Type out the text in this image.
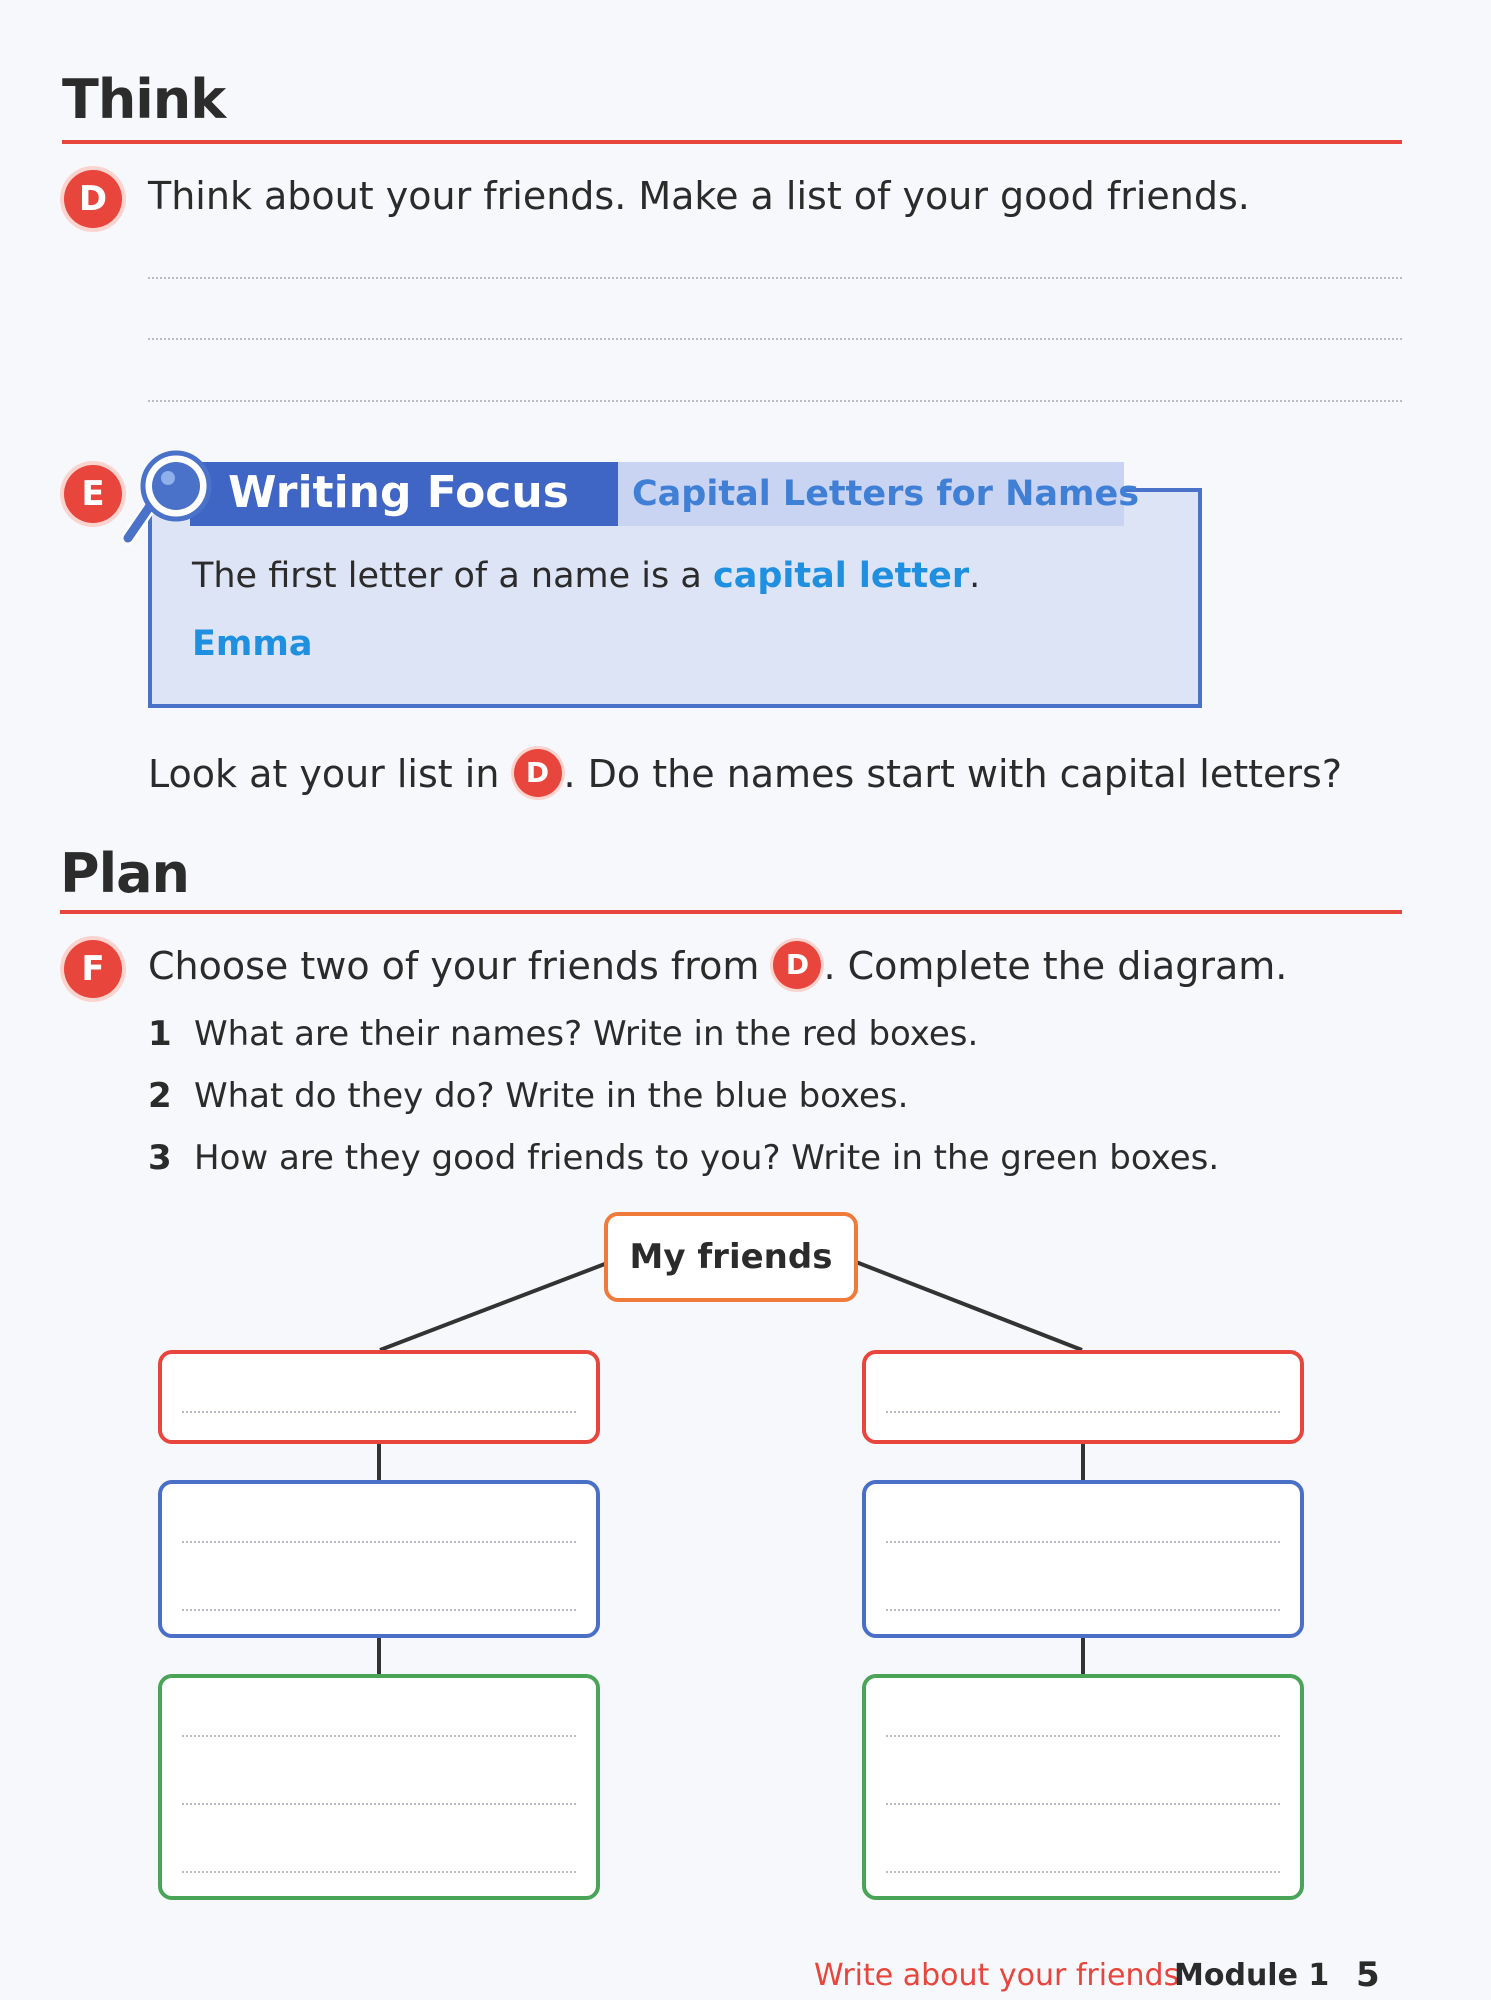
Think
D	Think about your friends. Make a list of your good friends.
E	Writing Focus Capital Letters for Names
The first letter of a name is a capital letter.
Emma
Look at your list in D . Do the names start with capital letters?
Plan
F	Choose two of your friends from D . Complete the diagram.
1 What are their names? Write in the red boxes.
2 What do they do? Write in the blue boxes.
3 How are they good friends to you? Write in the green boxes.
My friends
Write about your friends
Module 1 5
